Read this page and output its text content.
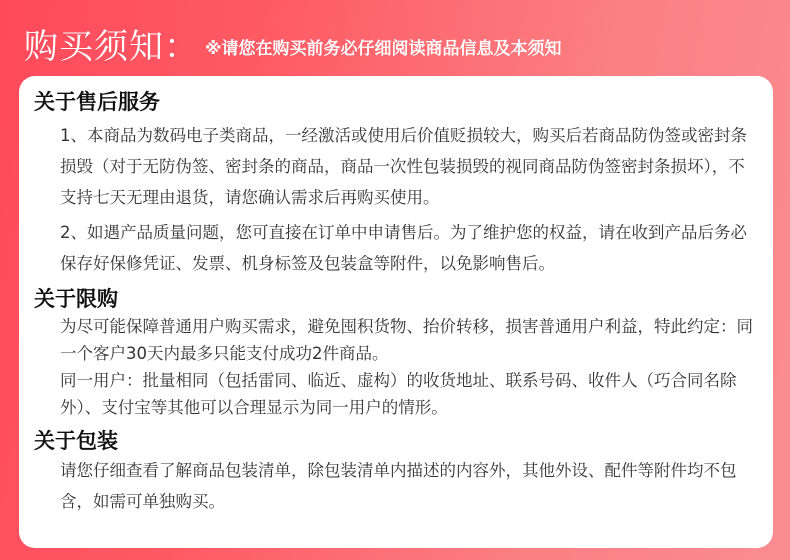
购买须知： ※请您在购买前务必仔细阅读商品信息及本须知
关于售后服务

1、本商品为数码电子类商品，一经激活或使用后价值贬损较大，购买后若商品防伪签或密封条损毁（对于无防伪签、密封条的商品，商品一次性包装损毁的视同商品防伪签密封条损坏），不支持七天无理由退货，请您确认需求后再购买使用。

2、如遇产品质量问题，您可直接在订单中申请售后。为了维护您的权益，请在收到产品后务必保存好保修凭证、发票、机身标签及包装盒等附件，以免影响售后。

关于限购

为尽可能保障普通用户购买需求，避免囤积货物、抬价转移，损害普通用户利益，特此约定：同一个客户30天内最多只能支付成功2件商品。

同一用户：批量相同（包括雷同、临近、虚构）的收货地址、联系号码、收件人（巧合同名除外）、支付宝等其他可以合理显示为同一用户的情形。

关于包装

请您仔细查看了解商品包装清单，除包装清单内描述的内容外，其他外设、配件等附件均不包含，如需可单独购买。
